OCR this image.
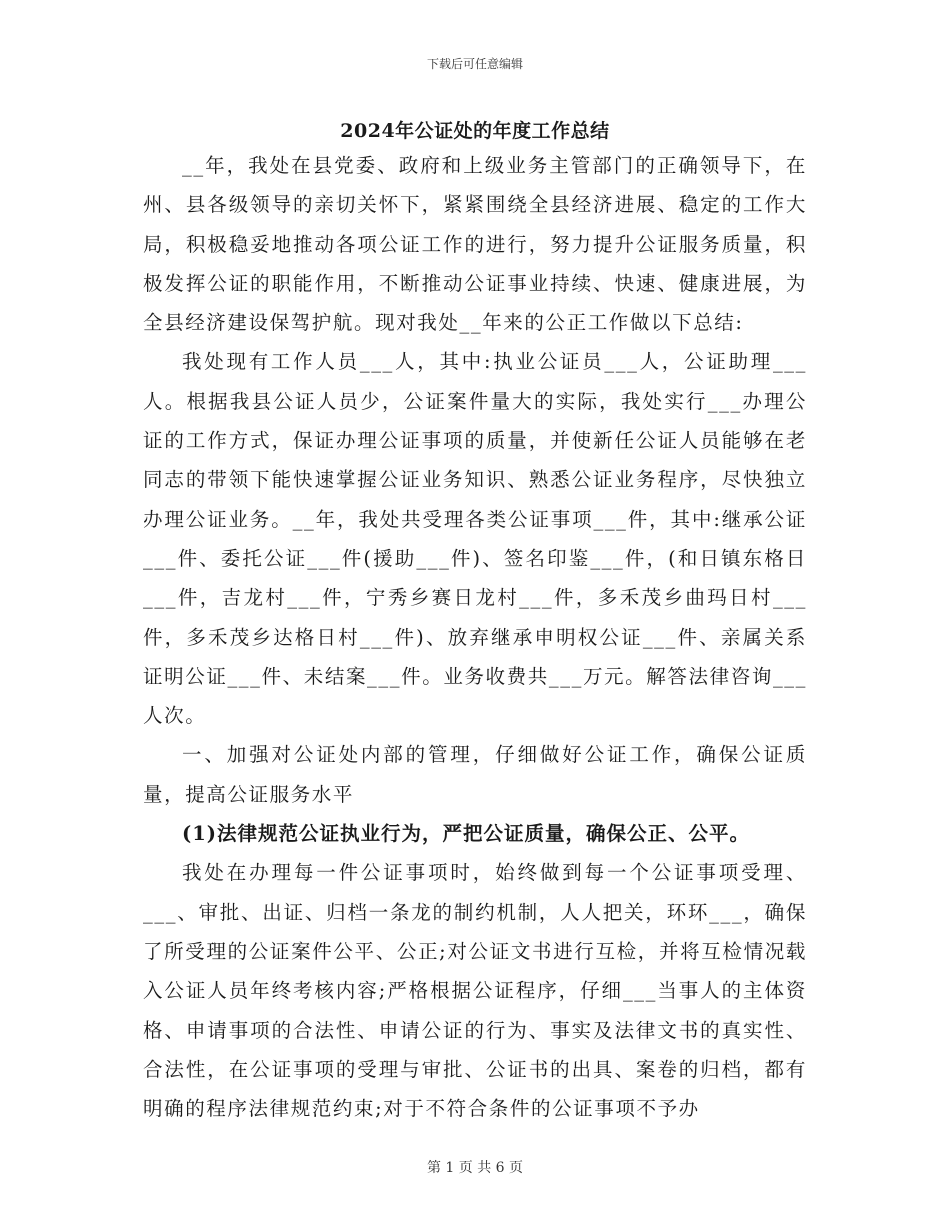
下载后可任意编辑
2024年公证处的年度工作总结

__年，我处在县党委、政府和上级业务主管部门的正确领导下，在州、县各级领导的亲切关怀下，紧紧围绕全县经济进展、稳定的工作大局，积极稳妥地推动各项公证工作的进行，努力提升公证服务质量，积极发挥公证的职能作用，不断推动公证事业持续、快速、健康进展，为全县经济建设保驾护航。现对我处__年来的公正工作做以下总结:

我处现有工作人员___人，其中:执业公证员___人，公证助理___人。根据我县公证人员少，公证案件量大的实际，我处实行___办理公证的工作方式，保证办理公证事项的质量，并使新任公证人员能够在老同志的带领下能快速掌握公证业务知识、熟悉公证业务程序，尽快独立办理公证业务。__年，我处共受理各类公证事项___件，其中:继承公证___件、委托公证___件(援助___件)、签名印鉴___件，(和日镇东格日___件，吉龙村___件，宁秀乡赛日龙村___件，多禾茂乡曲玛日村___件，多禾茂乡达格日村___件)、放弃继承申明权公证___件、亲属关系证明公证___件、未结案___件。业务收费共___万元。解答法律咨询___人次。

一、加强对公证处内部的管理，仔细做好公证工作，确保公证质量，提高公证服务水平

(1)法律规范公证执业行为，严把公证质量，确保公正、公平。

我处在办理每一件公证事项时，始终做到每一个公证事项受理、___、审批、出证、归档一条龙的制约机制，人人把关，环环___，确保了所受理的公证案件公平、公正;对公证文书进行互检，并将互检情况载入公证人员年终考核内容;严格根据公证程序，仔细___当事人的主体资格、申请事项的合法性、申请公证的行为、事实及法律文书的真实性、合法性，在公证事项的受理与审批、公证书的出具、案卷的归档，都有明确的程序法律规范约束;对于不符合条件的公证事项不予办

第 1 页 共 6 页
